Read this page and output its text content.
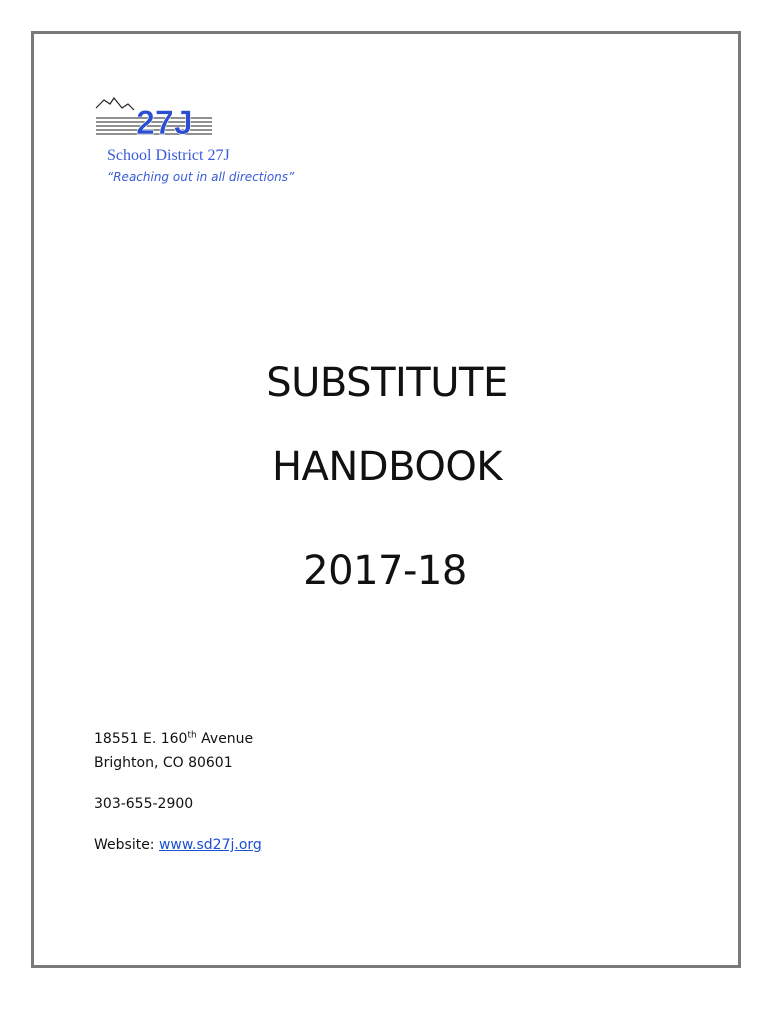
27J
School District 27J
“Reaching out in all directions”
SUBSTITUTE
HANDBOOK
2017-18
18551 E. 160th Avenue
Brighton, CO 80601
303-655-2900
Website: www.sd27j.org
